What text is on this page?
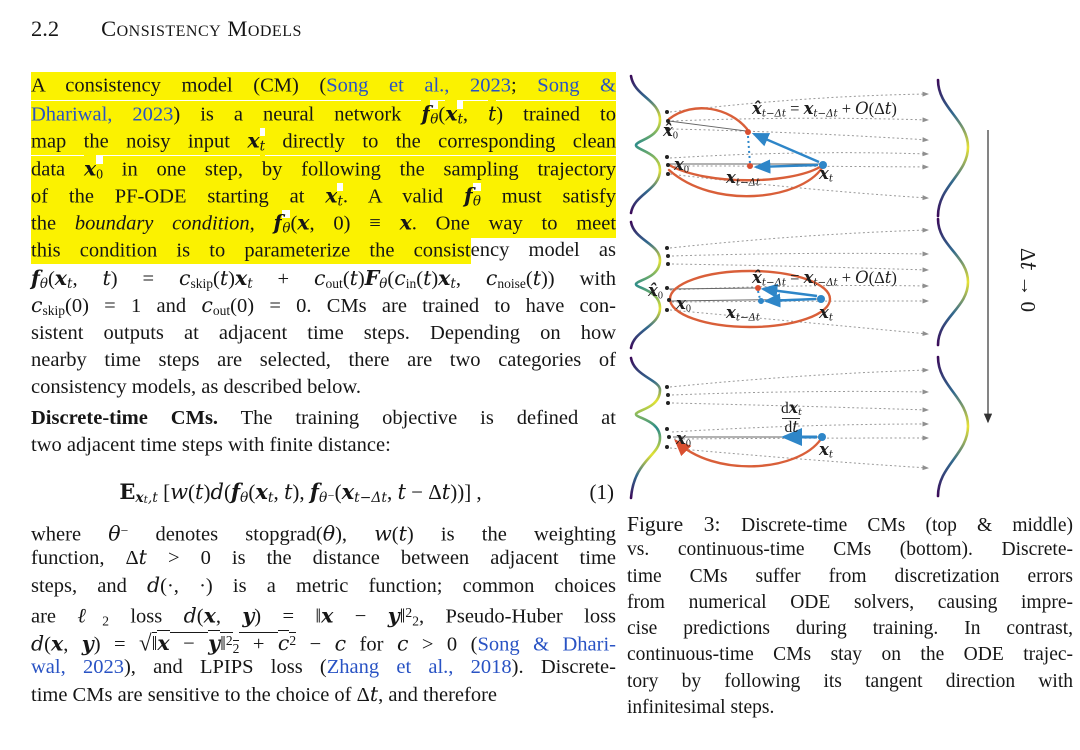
2.2 Consistency Models
A consistency model (CM) (Song et al., 2023; Song &
Dhariwal, 2023) is a neural network $f_\theta(x_t$, t) trained to
map the noisy input $x_t$ directly to the corresponding clean
data $x_0$ in one step, by following the sampling trajectory
of the PF-ODE starting at $x_t$. A valid $f_\theta$ must satisfy
the boundary condition, $f_\theta(x$, 0) ≡ x. One way to meet
this condition is to parameterize the consistency model as
$f_\theta(x_t$, $t) = c_{skip}(t)x_t + c_{out}(t)F_\theta(c_{in}(t)x_t$, $c_{noise}(t)$) with
$c_{skip}(0) = 1$ and $c_{out}(0) = 0$. CMs are trained to have con-
sistent outputs at adjacent time steps. Depending on how
nearby time steps are selected, there are two categories of
consistency models, as described below.
Discrete-time CMs. The training objective is defined at
two adjacent time steps with finite distance:
$E_{xt,t}$ [$w(t)d(f_\theta(x_t$, t), $f_{\theta^-}(x_{t-\Delta t}$, t − Δt))] ,	(1)
where θ− denotes stopgrad(θ), w(t) is the weighting
function, Δt > 0 is the distance between adjacent time
steps, and d(·, ·) is a metric function; common choices
are ℓ$_2$ loss d(x, y) = ‖x − y‖$^2_2$, Pseudo-Huber loss
d(x, y) = √‖x − y‖$^2_2$ + $c^2 - c$ for c > 0 (Song & Dhari-
wal, 2023), and LPIPS loss (Zhang et al., 2018). Discrete-
time CMs are sensitive to the choice of Δt, and therefore
$x̂_0$
$x_0$
$x̂_{t-\Delta t} = x_{t-\Delta t} + O(\Delta t)$
$x_{t-\Delta t}$	$x_t$
$x̂_0$ $x_0$
$x̂_{t-\Delta t} = x_{t-\Delta t} + O(\Delta t)$
$x_{t-\Delta t}$	$x_t$
$x_0$
$dx_t$
dt
$x_t$
Δt → 0
Figure 3: Discrete-time CMs (top & middle)
vs. continuous-time CMs (bottom). Discrete-
time CMs suffer from discretization errors
from numerical ODE solvers, causing impre-
cise predictions during training. In contrast,
continuous-time CMs stay on the ODE trajec-
tory by following its tangent direction with
infinitesimal steps.
